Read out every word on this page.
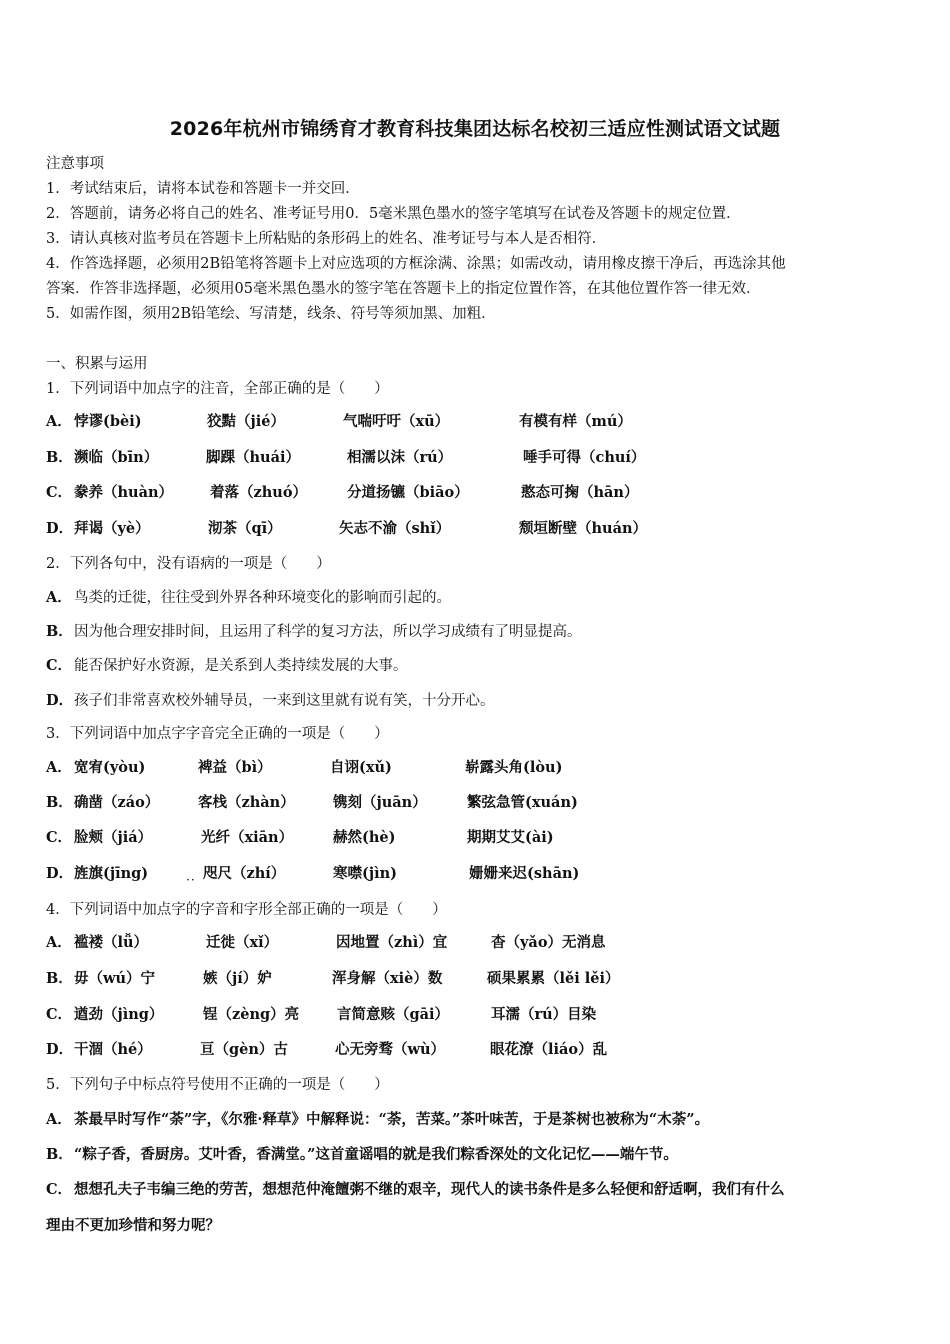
2026年杭州市锦绣育才教育科技集团达标名校初三适应性测试语文试题
注意事项
1．考试结束后，请将本试卷和答题卡一并交回．
2．答题前，请务必将自己的姓名、准考证号用0．5毫米黑色墨水的签字笔填写在试卷及答题卡的规定位置．
3．请认真核对监考员在答题卡上所粘贴的条形码上的姓名、准考证号与本人是否相符．
4．作答选择题，必须用2B铅笔将答题卡上对应选项的方框涂满、涂黑；如需改动，请用橡皮擦干净后，再选涂其他
答案．作答非选择题，必须用05毫米黑色墨水的签字笔在答题卡上的指定位置作答，在其他位置作答一律无效．
5．如需作图，须用2B铅笔绘、写清楚，线条、符号等须加黑、加粗．
一、积累与运用
1．下列词语中加点字的注音，全部正确的是（　　）
A． 悖谬(bèi)	狡黠（jié）	气喘吁吁（xū）	有模有样（mú）
B． 濒临（bīn）	脚踝（huái）	相濡以沫（rú）	唾手可得（chuí）
C． 豢养（huàn）	着落（zhuó）	分道扬镳（biāo）	憨态可掬（hān）
D． 拜谒（yè）	沏茶（qī）	矢志不渝（shǐ）	颓垣断壁（huán）
2．下列各句中，没有语病的一项是（　　）
A． 鸟类的迁徙，往往受到外界各种环境变化的影响而引起的。
B． 因为他合理安排时间，且运用了科学的复习方法，所以学习成绩有了明显提高。
C． 能否保护好水资源，是关系到人类持续发展的大事。
D． 孩子们非常喜欢校外辅导员，一来到这里就有说有笑，十分开心。
3．下列词语中加点字字音完全正确的一项是（　　）
A． 宽宥(yòu)	裨益（bì）	自诩(xǔ)	崭露头角(lòu)
B． 确凿（záo）	客栈（zhàn）	镌刻（juān）	繁弦急管(xuán)
C． 脸颊（jiá）	光纤（xiān）	赫然(hè)	期期艾艾(ài)
D． 旌旗(jīng)	咫尺（zhí）	寒噤(jìn)	姗姗来迟(shān)
··
4．下列词语中加点字的字音和字形全部正确的一项是（　　）
A． 褴褛（lǚ）	迁徙（xǐ）	因地置（zhì）宜	杳（yǎo）无消息
B． 毋（wú）宁	嫉（jí）妒	浑身解（xiè）数	硕果累累（lěi lěi）
C． 遒劲（jìng）	锃（zèng）亮	言简意赅（gāi）	耳濡（rú）目染
D． 干涸（hé）	亘（gèn）古	心无旁骛（wù）	眼花潦（liáo）乱
5．下列句子中标点符号使用不正确的一项是（　　）
A． 茶最早时写作“荼”字，《尔雅·释草》中解释说：“荼，苦菜。”茶叶味苦，于是茶树也被称为“木荼”。
B． “粽子香，香厨房。艾叶香，香满堂。”这首童谣唱的就是我们粽香深处的文化记忆——端午节。
C． 想想孔夫子韦编三绝的劳苦，想想范仲淹饘粥不继的艰辛，现代人的读书条件是多么轻便和舒适啊，我们有什么
理由不更加珍惜和努力呢？
